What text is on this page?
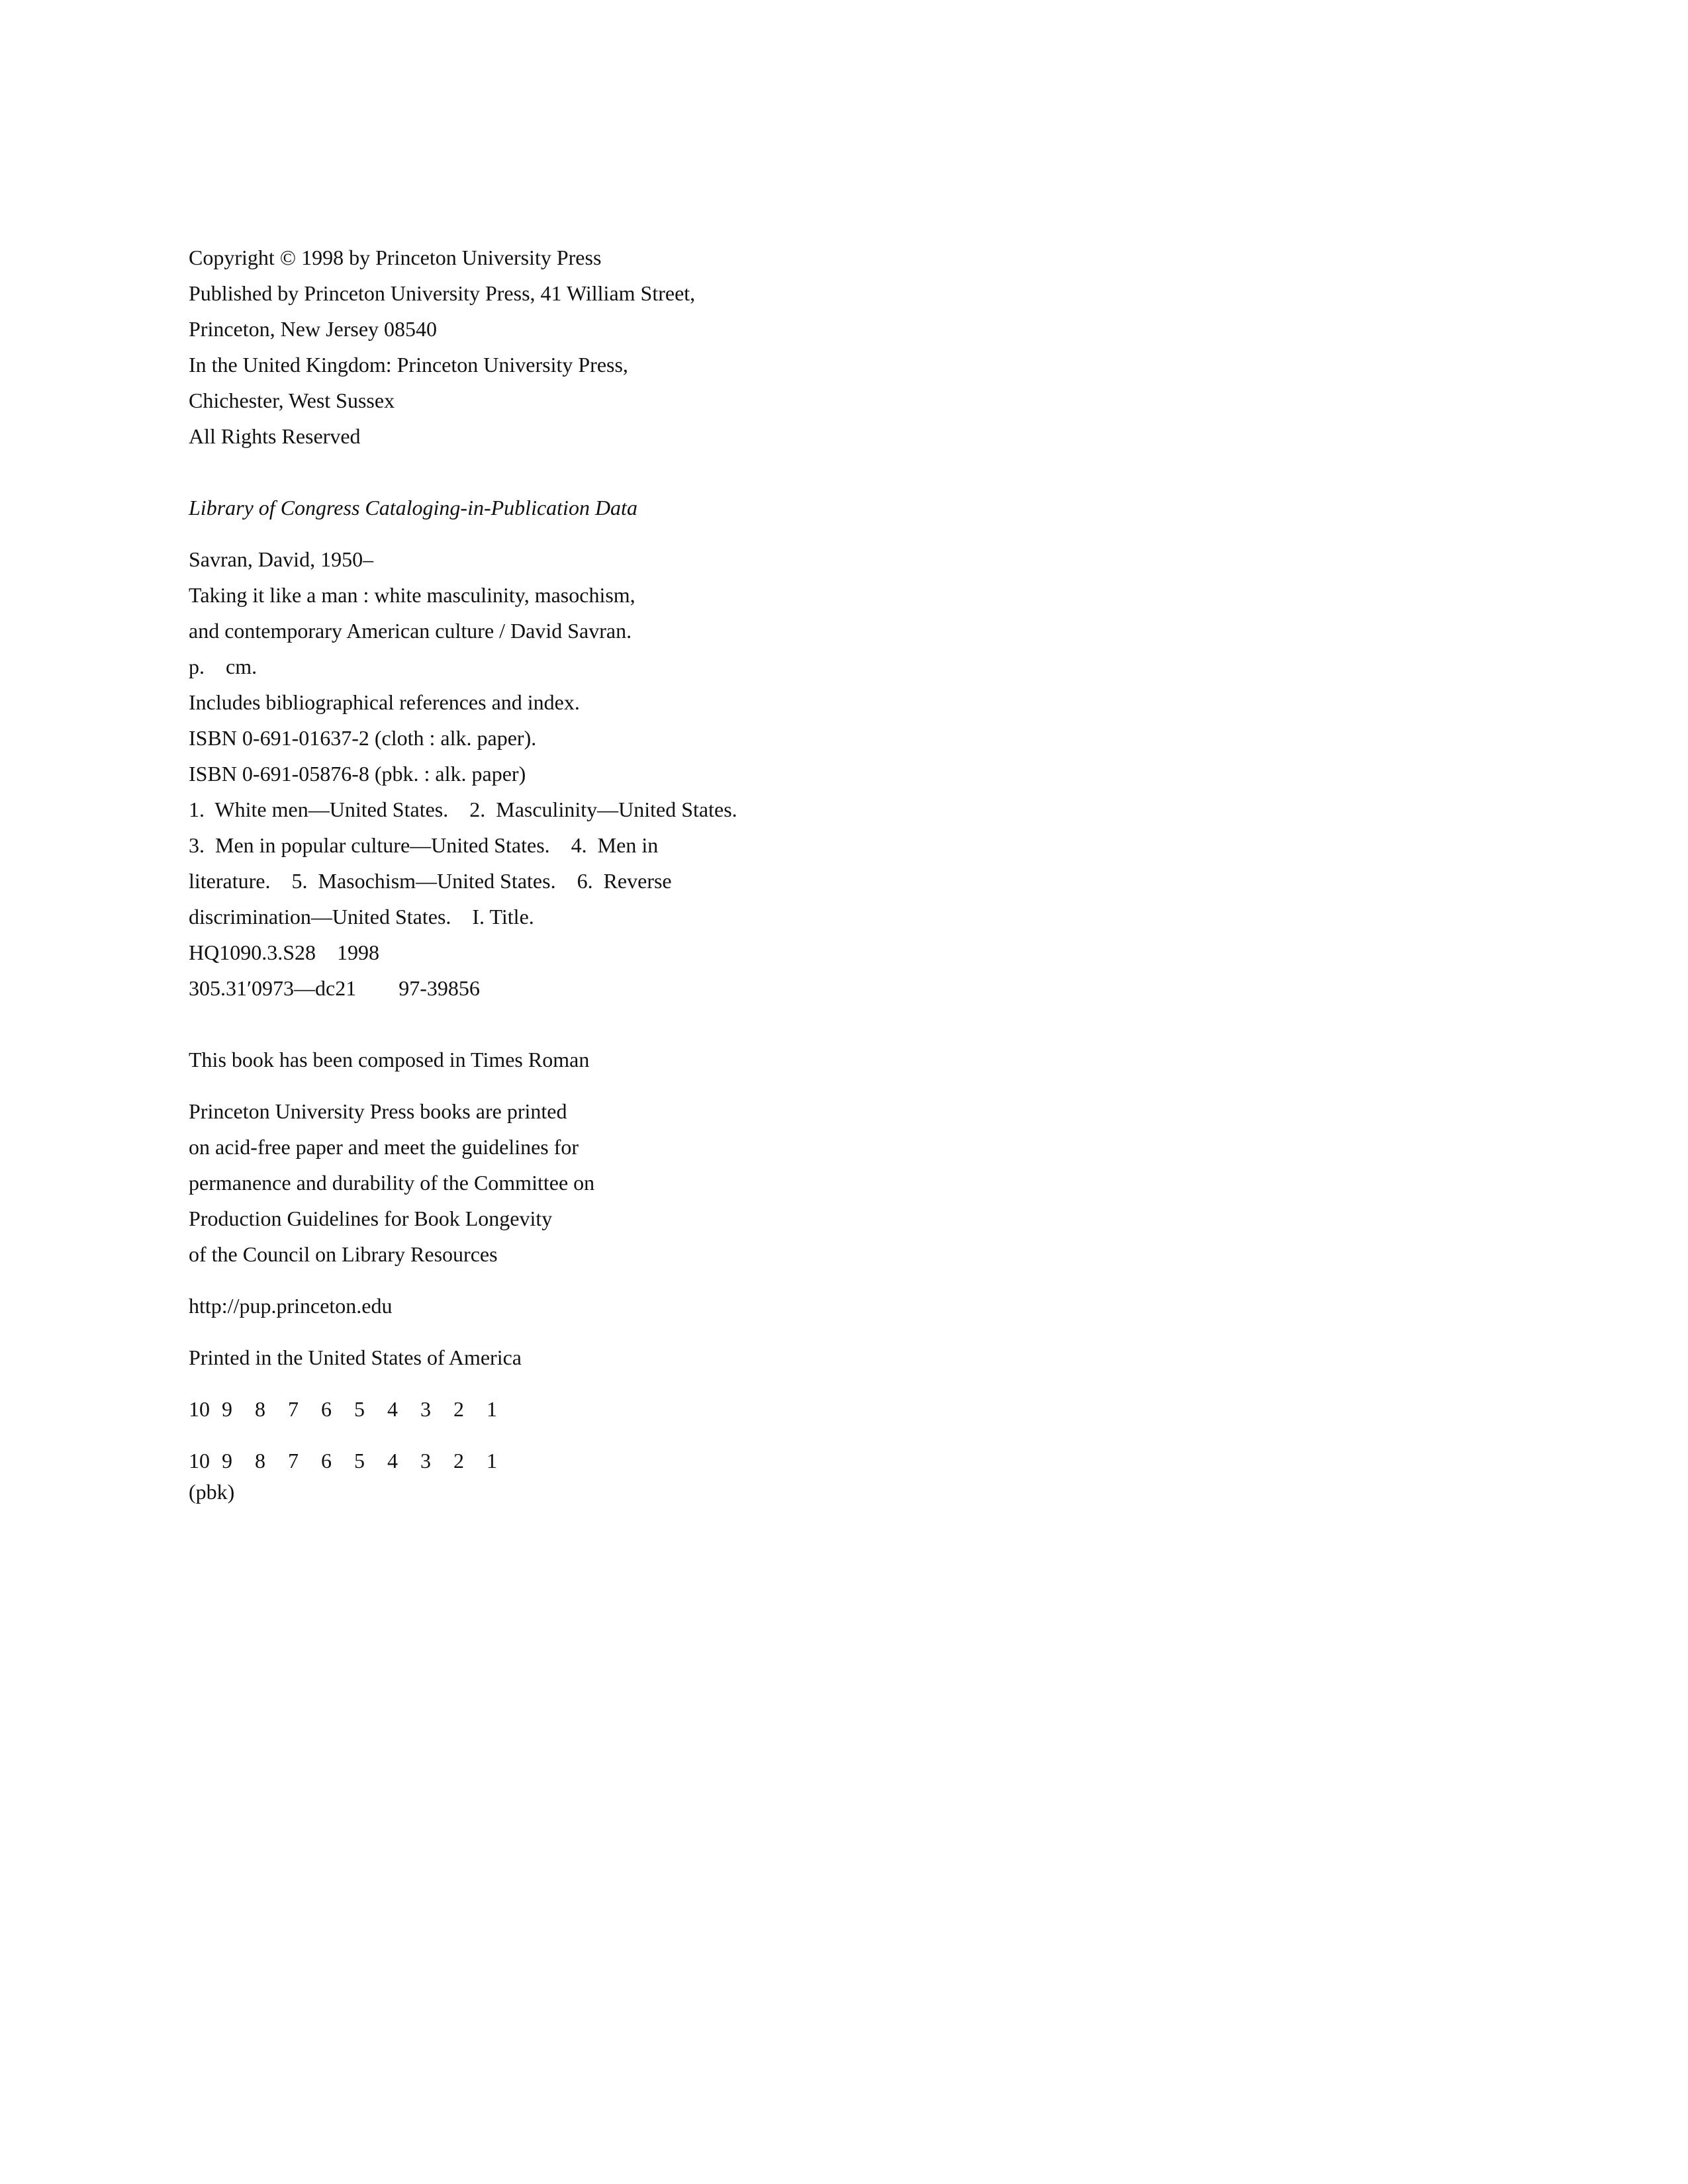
Copyright © 1998 by Princeton University Press
Published by Princeton University Press, 41 William Street,
Princeton, New Jersey 08540
In the United Kingdom: Princeton University Press,
Chichester, West Sussex
All Rights Reserved
Library of Congress Cataloging-in-Publication Data
Savran, David, 1950–
Taking it like a man : white masculinity, masochism,
and contemporary American culture / David Savran.
p.    cm.
Includes bibliographical references and index.
ISBN 0-691-01637-2 (cloth : alk. paper).
ISBN 0-691-05876-8 (pbk. : alk. paper)
1.  White men—United States.    2.  Masculinity—United States.
3.  Men in popular culture—United States.    4.  Men in
literature.    5.  Masochism—United States.    6.  Reverse
discrimination—United States.    I. Title.
HQ1090.3.S28    1998
305.31′0973—dc21        97-39856
This book has been composed in Times Roman
Princeton University Press books are printed
on acid-free paper and meet the guidelines for
permanence and durability of the Committee on
Production Guidelines for Book Longevity
of the Council on Library Resources
http://pup.princeton.edu
Printed in the United States of America
10 9 8 7 6 5 4 3 2 1
10 9 8 7 6 5 4 3 2 1
(pbk)
